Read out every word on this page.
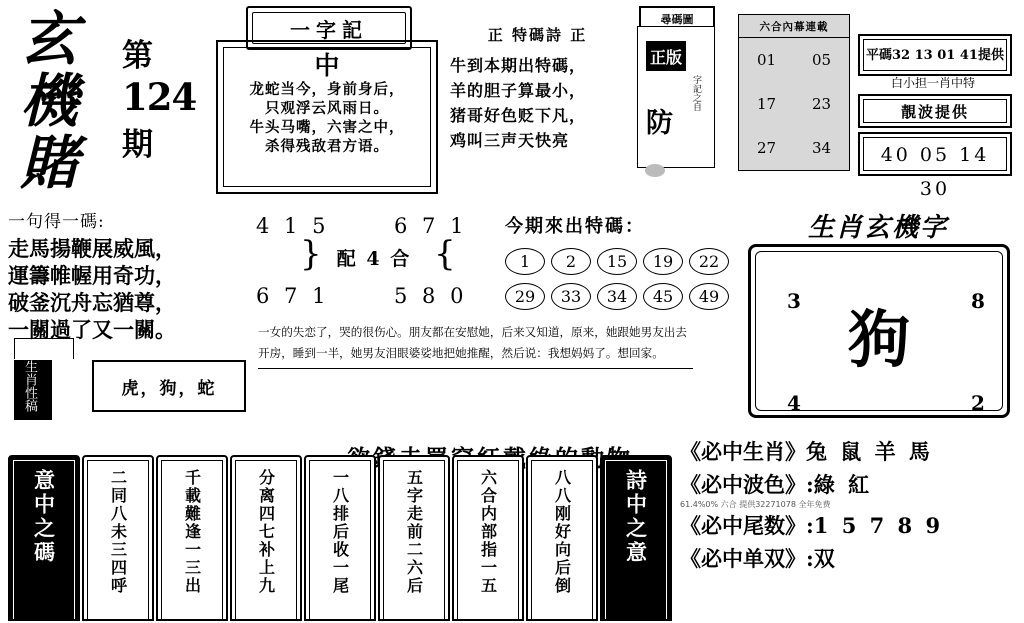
玄
機
賭
第
124
期
一字記
中
龙蛇当今，身前身后，
只观浮云风雨日。
牛头马嘴，六害之中，
杀得残敌君方语。
正 特碼詩 正
牛到本期出特碼，
羊的胆子算最小，
猪哥好色贬下凡，
鸡叫三声天快亮
尋碼圖
正版
字記之自
防
六合內幕連載
01	05
17	23
27	34
平碼32 13 01 41提供
白小担一肖中特
靚波提供
40 05 14 30
一句得一碼:
走馬揚鞭展威風，
運籌帷幄用奇功，
破釜沉舟忘猶尊，
一關過了又一關。
4 1 5	6 7 1
}	{
配 4 合
6 7 1	5 8 0
今期來出特碼：
1	2	15	19	22
29	33	34	45	49
生肖玄機字
3	8
狗
4	2
一女的失恋了，哭的很伤心。朋友都在安慰她，后来又知道，原来，她跟她男友出去
开房，睡到一半，她男友泪眼婆娑地把她推醒，然后说：我想妈妈了。想回家。
生肖性稿	虎，狗，蛇
意中之碼	二同八未三四呼	千載難逢一三出	分离四七补上九	一八排后收一尾	五字走前二六后	六合内部指一五	八八刚好向后倒 詩中之意
《必中生肖》兔 鼠 羊 馬
《必中波色》:綠 紅
61.4%0% 六合 提供32271078 全年免费
《必中尾数》:1 5 7 8 9
《必中单双》:双
